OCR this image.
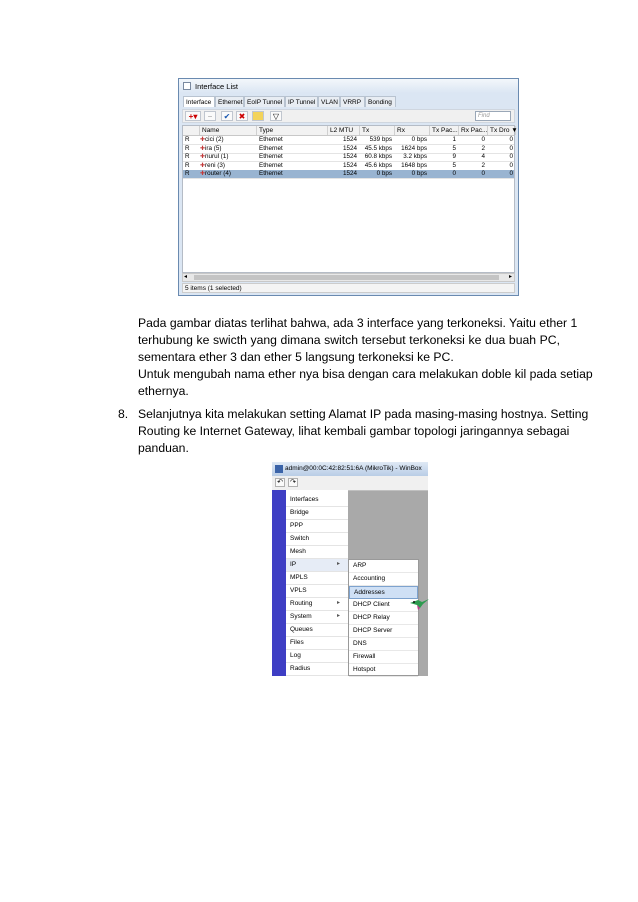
Interface List
Interface	Ethernet EoIP Tunnel IP Tunnel VLAN VRRP	Bonding
+▾	−	✔	✖	▽	Find
Name	Type	L2 MTU	Tx	Rx	Tx Pac... Rx Pac... Tx Dro ▼
R	✚cici (2)	Ethernet	1524	539 bps	0 bps	1	0	0
R	✚ira (5)	Ethernet	1524	45.5 kbps	1624 bps	5	2	0
R	✚nurul (1)	Ethernet	1524	60.8 kbps	3.2 kbps	9	4	0
R	✚reni (3)	Ethernet	1524	45.6 kbps	1648 bps	5	2	0
R	✚router (4)	Ethernet	1524	0 bps	0 bps	0	0	0
◂	▸
5 items (1 selected)
Pada gambar diatas terlihat bahwa, ada 3 interface yang terkoneksi. Yaitu ether 1
terhubung ke swicth yang dimana switch tersebut terkoneksi ke dua buah PC,
sementara ether 3 dan ether 5 langsung terkoneksi ke PC.
Untuk mengubah nama ether nya bisa dengan cara melakukan doble kil pada setiap
ethernya.
8. Selanjutnya kita melakukan setting Alamat IP pada masing-masing hostnya. Setting
Routing ke Internet Gateway, lihat kembali gambar topologi jaringannya sebagai
panduan.
admin@00:0C:42:82:51:6A (MikroTik) - WinBox
↶ ↷
Interfaces
Bridge
PPP
Switch
Mesh
IP	▸
MPLS
VPLS
Routing	▸
System	▸
Queues
Files
Log
Radius
ARP
Accounting
Addresses
DHCP Client
DHCP Relay
DHCP Server
DNS
Firewall
Hotspot
